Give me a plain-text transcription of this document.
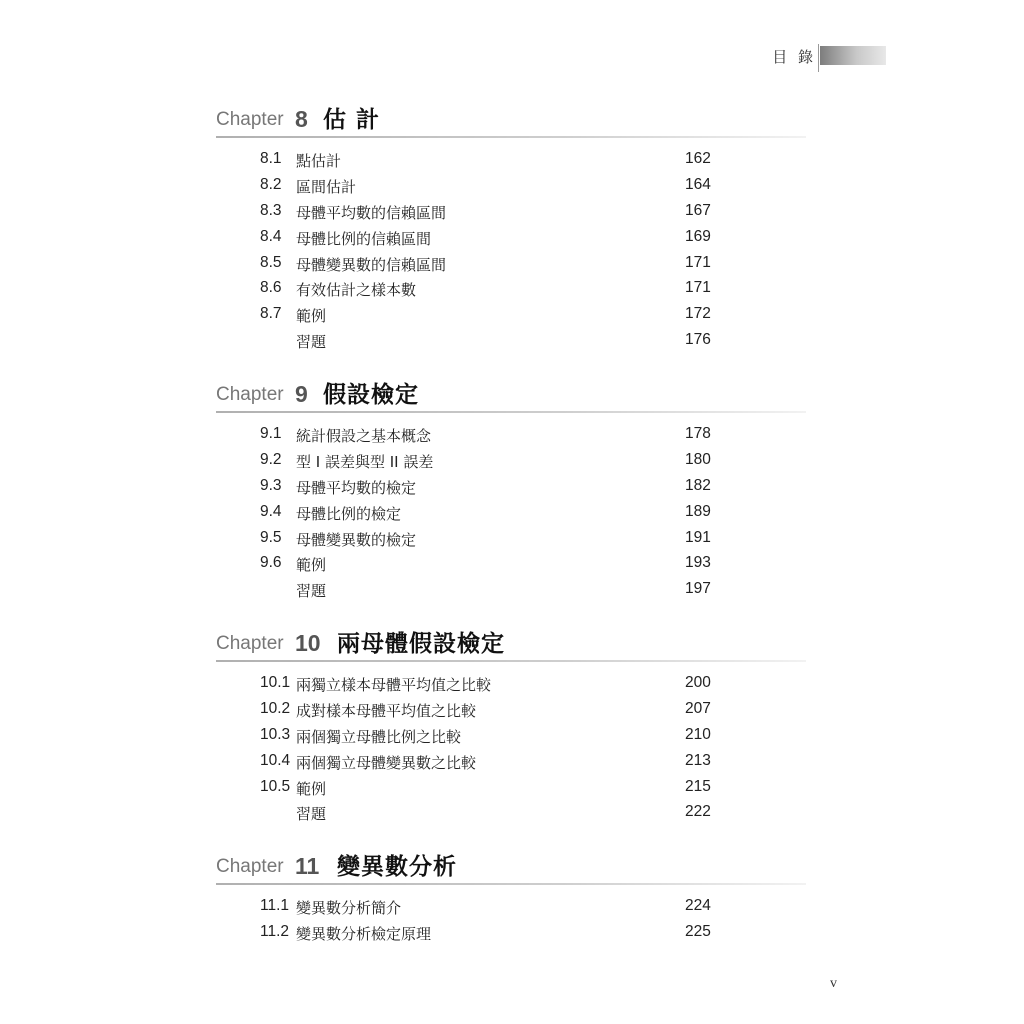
目 錄
Chapter 8 估 計
8.1 點估計	162
8.2 區間估計	164
8.3 母體平均數的信賴區間	167
8.4 母體比例的信賴區間	169
8.5 母體變異數的信賴區間	171
8.6 有效估計之樣本數	171
8.7 範例	172
習題	176
Chapter 9 假設檢定
9.1 統計假設之基本概念	178
9.2 型 I 誤差與型 II 誤差	180
9.3 母體平均數的檢定	182
9.4 母體比例的檢定	189
9.5 母體變異數的檢定	191
9.6 範例	193
習題	197
Chapter 10 兩母體假設檢定
10.1 兩獨立樣本母體平均值之比較	200
10.2 成對樣本母體平均值之比較	207
10.3 兩個獨立母體比例之比較	210
10.4 兩個獨立母體變異數之比較	213
10.5 範例	215
習題	222
Chapter 11 變異數分析
11.1 變異數分析簡介	224
11.2 變異數分析檢定原理	225
v
